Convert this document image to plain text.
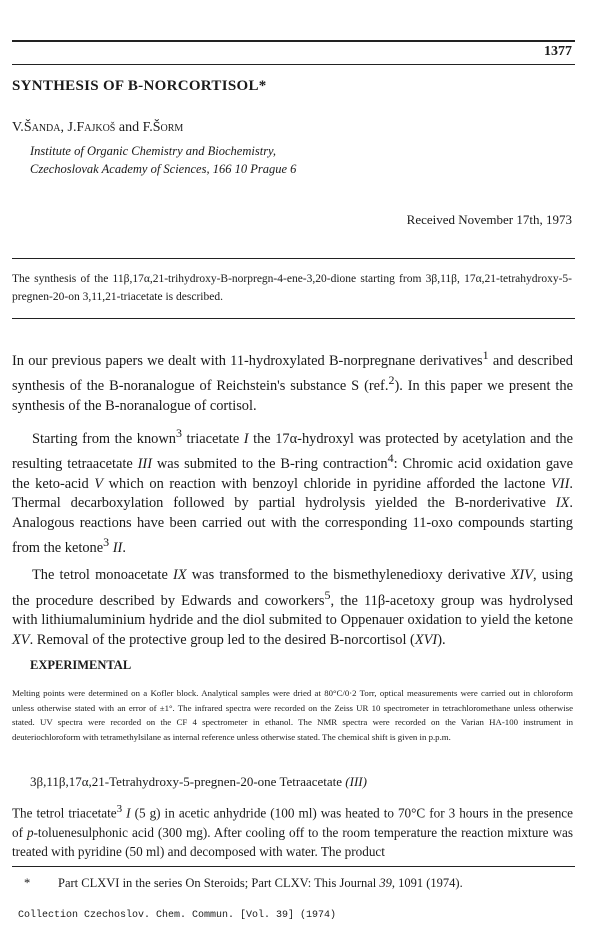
1377
SYNTHESIS OF B-NORCORTISOL*
V.Šanda, J.Fajkoš and F.Šorm
Institute of Organic Chemistry and Biochemistry,
Czechoslovak Academy of Sciences, 166 10 Prague 6
Received November 17th, 1973
The synthesis of the 11β,17α,21-trihydroxy-B-norpregn-4-ene-3,20-dione starting from 3β,11β, 17α,21-tetrahydroxy-5-pregnen-20-on 3,11,21-triacetate is described.

In our previous papers we dealt with 11-hydroxylated B-norpregnane derivatives$^1$ and described synthesis of the B-noranalogue of Reichstein's substance S (ref.$^2$). In this paper we present the synthesis of the B-noranalogue of cortisol.

Starting from the known$^3$ triacetate I the 17α-hydroxyl was protected by acetylation and the resulting tetraacetate III was submited to the B-ring contraction$^4$: Chromic acid oxidation gave the keto-acid V which on reaction with benzoyl chloride in pyridine afforded the lactone VII. Thermal decarboxylation followed by partial hydrolysis yielded the B-norderivative IX. Analogous reactions have been carried out with the corresponding 11-oxo compounds starting from the ketone$^3$ II.

The tetrol monoacetate IX was transformed to the bismethylenedioxy derivative XIV, using the procedure described by Edwards and coworkers$^5$, the 11β-acetoxy group was hydrolysed with lithiumaluminium hydride and the diol submited to Oppenauer oxidation to yield the ketone XV. Removal of the protective group led to the desired B-norcortisol (XVI).

EXPERIMENTAL
Melting points were determined on a Kofler block. Analytical samples were dried at 80°C/0·2 Torr, optical measurements were carried out in chloroform unless otherwise stated with an error of ±1°. The infrared spectra were recorded on the Zeiss UR 10 spectrometer in tetrachloromethane unless otherwise stated. UV spectra were recorded on the CF 4 spectrometer in ethanol. The NMR spectra were recorded on the Varian HA-100 instrument in deuteriochloroform with tetramethylsilane as internal reference unless otherwise stated. The chemical shift is given in p.p.m.
3β,11β,17α,21-Tetrahydroxy-5-pregnen-20-one Tetraacetate (III)
The tetrol triacetate$^3$ I (5 g) in acetic anhydride (100 ml) was heated to 70°C for 3 hours in the presence of p-toluenesulphonic acid (300 mg). After cooling off to the room temperature the reaction mixture was treated with pyridine (50 ml) and decomposed with water. The product
* Part CLXVI in the series On Steroids; Part CLXV: This Journal 39, 1091 (1974).
Collection Czechoslov. Chem. Commun. [Vol. 39] (1974)
